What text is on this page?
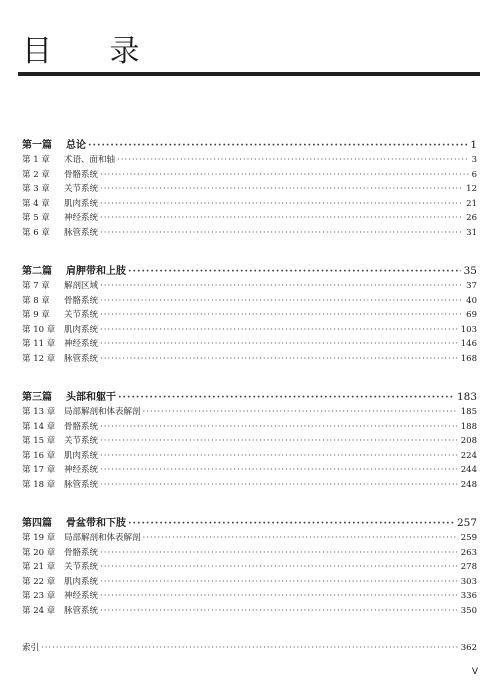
目 录
第一篇	总论 ·····	1
第 1 章	术语、面和轴 ·····	3
第 2 章	骨骼系统 ·····	6
第 3 章	关节系统 ·····	12
第 4 章	肌肉系统 ·····	21
第 5 章	神经系统 ·····	26
第 6 章	脉管系统 ·····	31
第二篇	肩胛带和上肢 ·····	35
第 7 章	解剖区域 ·····	37
第 8 章	骨骼系统 ·····	40
第 9 章	关节系统 ·····	69
第 10 章	肌肉系统 ·····	103
第 11 章	神经系统 ·····	146
第 12 章	脉管系统 ·····	168
第三篇	头部和躯干 ·····	183
第 13 章	局部解剖和体表解剖 ·····	185
第 14 章	骨骼系统 ·····	188
第 15 章	关节系统 ·····	208
第 16 章	肌肉系统 ·····	224
第 17 章	神经系统 ·····	244
第 18 章	脉管系统 ·····	248
第四篇	骨盆带和下肢 ·····	257
第 19 章	局部解剖和体表解剖 ·····	259
第 20 章	骨骼系统 ·····	263
第 21 章	关节系统 ·····	278
第 22 章	肌肉系统 ·····	303
第 23 章	神经系统 ·····	336
第 24 章	脉管系统 ·····	350
索引 ·····	362
V
